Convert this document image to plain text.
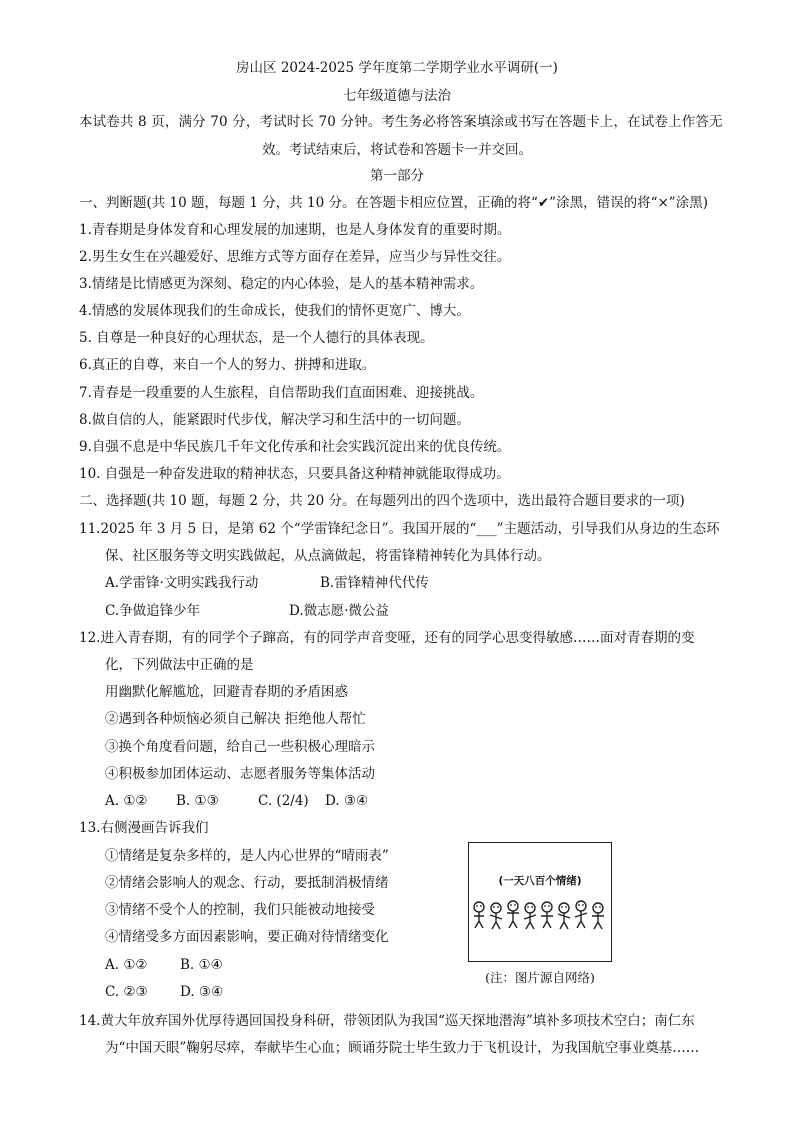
房山区 2024-2025 学年度第二学期学业水平调研(一)
七年级道德与法治
本试卷共 8 页，满分 70 分，考试时长 70 分钟。考生务必将答案填涂或书写在答题卡上，在试卷上作答无
效。考试结束后，将试卷和答题卡一并交回。
第一部分
一、判断题(共 10 题，每题 1 分，共 10 分。在答题卡相应位置，正确的将“✔”涂黑，错误的将“×”涂黑)
1.青春期是身体发育和心理发展的加速期，也是人身体发育的重要时期。
2.男生女生在兴趣爱好、思维方式等方面存在差异，应当少与异性交往。
3.情绪是比情感更为深刻、稳定的内心体验，是人的基本精神需求。
4.情感的发展体现我们的生命成长，使我们的情怀更宽广、博大。
5. 自尊是一种良好的心理状态，是一个人德行的具体表现。
6.真正的自尊，来自一个人的努力、拼搏和进取。
7.青春是一段重要的人生旅程，自信帮助我们直面困难、迎接挑战。
8.做自信的人，能紧跟时代步伐，解决学习和生活中的一切问题。
9.自强不息是中华民族几千年文化传承和社会实践沉淀出来的优良传统。
10. 自强是一种奋发进取的精神状态，只要具备这种精神就能取得成功。
二、选择题(共 10 题，每题 2 分，共 20 分。在每题列出的四个选项中，选出最符合题目要求的一项)
11.2025 年 3 月 5 日，是第 62 个“学雷锋纪念日”。我国开展的“___”主题活动，引导我们从身边的生态环
保、社区服务等文明实践做起，从点滴做起，将雷锋精神转化为具体行动。
A.学雷锋·文明实践我行动	B.雷锋精神代代传
C.争做追锋少年	D.微志愿·微公益
12.进入青春期，有的同学个子蹿高，有的同学声音变哑，还有的同学心思变得敏感……面对青春期的变
化，下列做法中正确的是
用幽默化解尴尬，回避青春期的矛盾困惑
②遇到各种烦恼必须自己解决 拒绝他人帮忙
③换个角度看问题，给自己一些积极心理暗示
④积极参加团体运动、志愿者服务等集体活动
A. ①② B. ①③	C. (2/4) D. ③④
13.右侧漫画告诉我们
①情绪是复杂多样的，是人内心世界的“晴雨表”
②情绪会影响人的观念、行动，要抵制消极情绪
③情绪不受个人的控制，我们只能被动地接受
④情绪受多方面因素影响，要正确对待情绪变化
A. ①② B. ①④
C. ②③ D. ③④
(一天八百个情绪)
(注：图片源自网络)
14.黄大年放弃国外优厚待遇回国投身科研，带领团队为我国“巡天探地潜海”填补多项技术空白；南仁东
为“中国天眼”鞠躬尽瘁，奉献毕生心血；顾诵芬院士毕生致力于飞机设计，为我国航空事业奠基……
